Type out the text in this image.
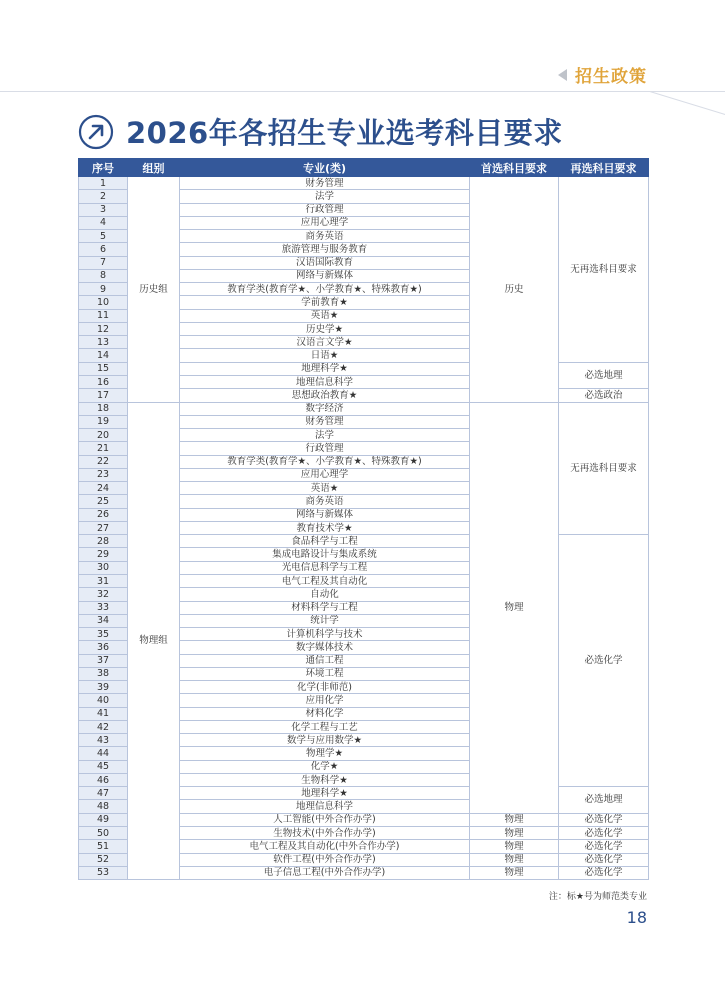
招生政策
2026年各招生专业选考科目要求
序号	组别	专业(类)	首选科目要求	再选科目要求
1	历史组	财务管理	历史	无再选科目要求
2		法学		
3		行政管理		
4		应用心理学		
5		商务英语		
6		旅游管理与服务教育		
7		汉语国际教育		
8		网络与新媒体		
9		教育学类(教育学★、小学教育★、特殊教育★)		
10		学前教育★		
11		英语★		
12		历史学★		
13		汉语言文学★		
14		日语★		
15		地理科学★		必选地理
16		地理信息科学		
17		思想政治教育★		必选政治
18	物理组	数字经济	物理	无再选科目要求
19		财务管理		
20		法学		
21		行政管理		
22		教育学类(教育学★、小学教育★、特殊教育★)		
23		应用心理学		
24		英语★		
25		商务英语		
26		网络与新媒体		
27		教育技术学★		
28		食品科学与工程		必选化学
29		集成电路设计与集成系统		
30		光电信息科学与工程		
31		电气工程及其自动化		
32		自动化		
33		材料科学与工程		
34		统计学		
35		计算机科学与技术		
36		数字媒体技术		
37		通信工程		
38		环境工程		
39		化学(非师范)		
40		应用化学		
41		材料化学		
42		化学工程与工艺		
43		数学与应用数学★		
44		物理学★		
45		化学★		
46		生物科学★		
47		地理科学★		必选地理
48		地理信息科学		
49		人工智能(中外合作办学)	物理	必选化学
50		生物技术(中外合作办学)	物理	必选化学
51		电气工程及其自动化(中外合作办学)	物理	必选化学
52		软件工程(中外合作办学)	物理	必选化学
53		电子信息工程(中外合作办学)	物理	必选化学
注：标★号为师范类专业
18
